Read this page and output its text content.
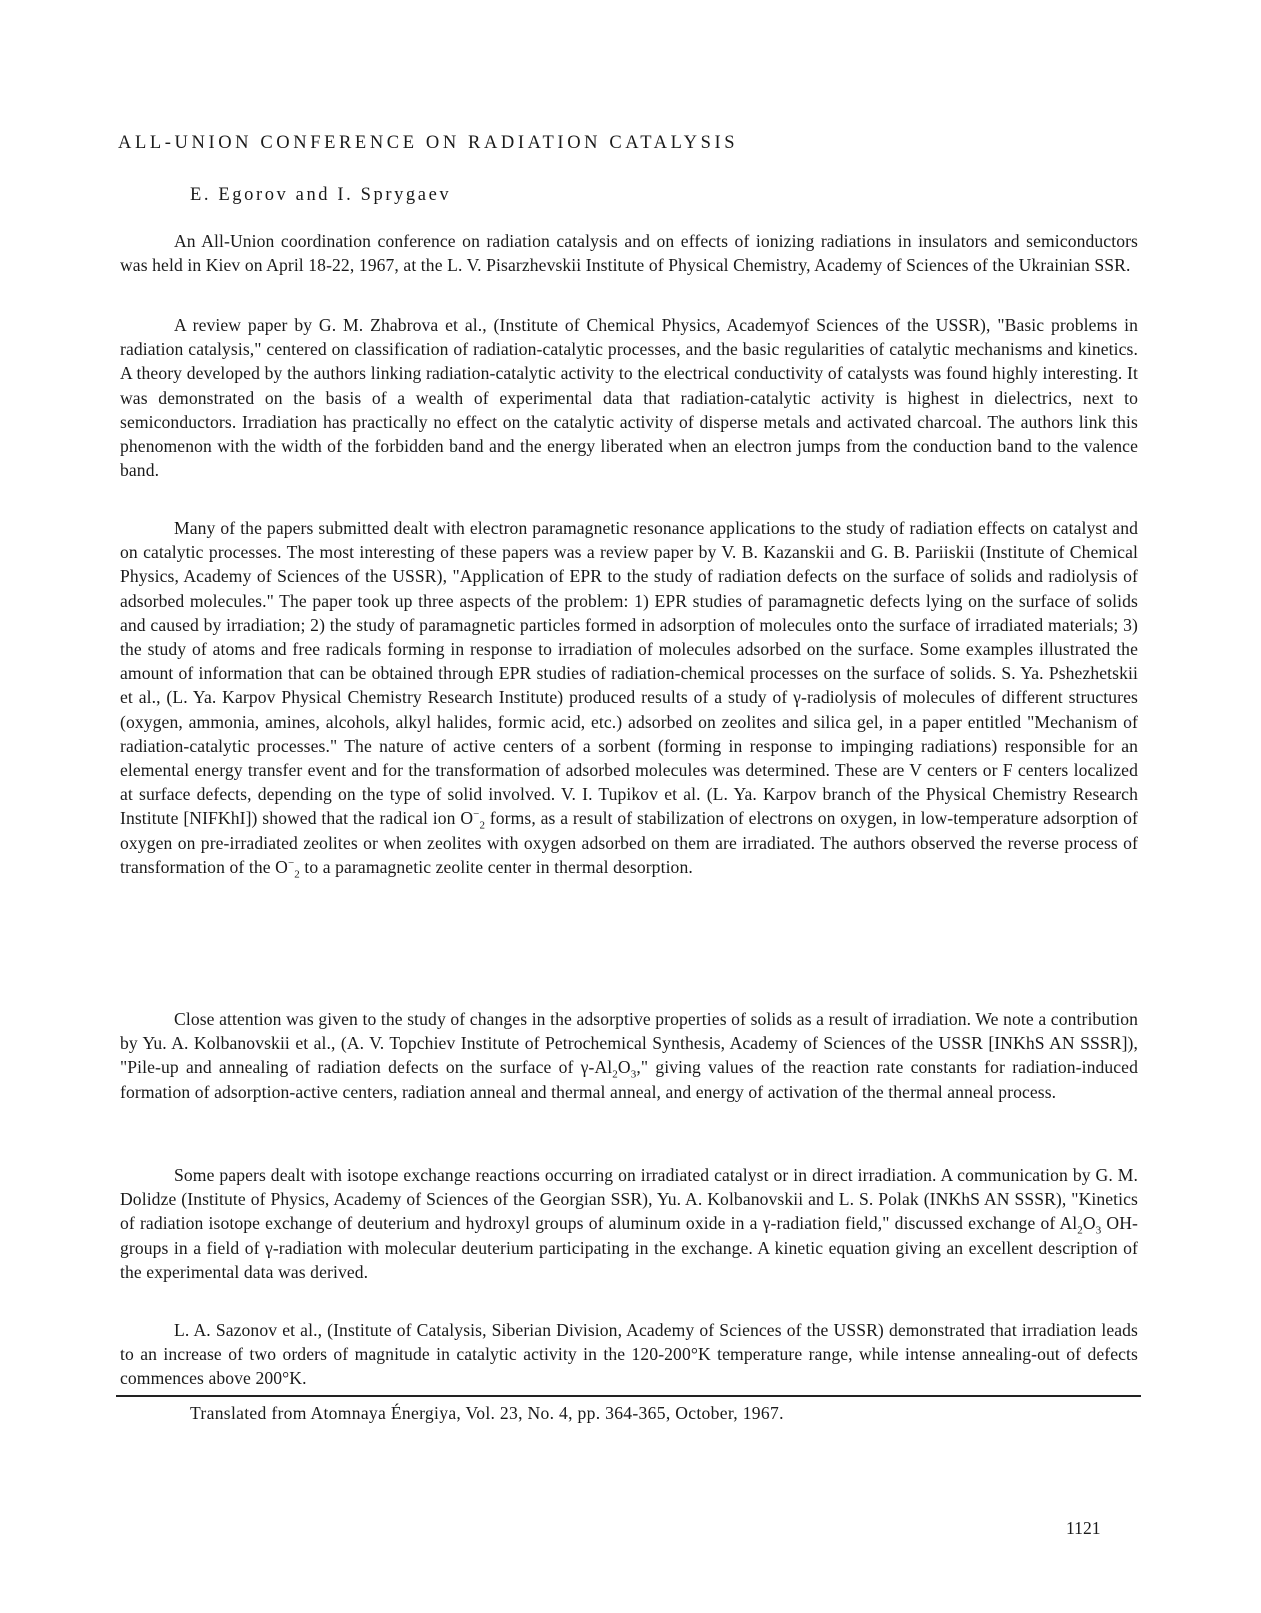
ALL-UNION CONFERENCE ON RADIATION CATALYSIS
E. Egorov and I. Sprygaev

An All-Union coordination conference on radiation catalysis and on effects of ionizing radiations in insulators and semiconductors was held in Kiev on April 18-22, 1967, at the L. V. Pisarzhevskii Institute of Physical Chemistry, Academy of Sciences of the Ukrainian SSR.

A review paper by G. M. Zhabrova et al., (Institute of Chemical Physics, Academyof Sciences of the USSR), "Basic problems in radiation catalysis," centered on classification of radiation-catalytic processes, and the basic regularities of catalytic mechanisms and kinetics. A theory developed by the authors linking radiation-catalytic activity to the electrical conductivity of catalysts was found highly interesting. It was demonstrated on the basis of a wealth of experimental data that radiation-catalytic activity is highest in dielectrics, next to semiconductors. Irradiation has practically no effect on the catalytic activity of disperse metals and activated charcoal. The authors link this phenomenon with the width of the forbidden band and the energy liberated when an electron jumps from the conduction band to the valence band.

Many of the papers submitted dealt with electron paramagnetic resonance applications to the study of radiation effects on catalyst and on catalytic processes. The most interesting of these papers was a review paper by V. B. Kazanskii and G. B. Pariiskii (Institute of Chemical Physics, Academy of Sciences of the USSR), "Application of EPR to the study of radiation defects on the surface of solids and radiolysis of adsorbed molecules." The paper took up three aspects of the problem: 1) EPR studies of paramagnetic defects lying on the surface of solids and caused by irradiation; 2) the study of paramagnetic particles formed in adsorption of molecules onto the surface of irradiated materials; 3) the study of atoms and free radicals forming in response to irradiation of molecules adsorbed on the surface. Some examples illustrated the amount of information that can be obtained through EPR studies of radiation-chemical processes on the surface of solids. S. Ya. Pshezhetskii et al., (L. Ya. Karpov Physical Chemistry Research Institute) produced results of a study of γ-radiolysis of molecules of different structures (oxygen, ammonia, amines, alcohols, alkyl halides, formic acid, etc.) adsorbed on zeolites and silica gel, in a paper entitled "Mechanism of radiation-catalytic processes." The nature of active centers of a sorbent (forming in response to impinging radiations) responsible for an elemental energy transfer event and for the transformation of adsorbed molecules was determined. These are V centers or F centers localized at surface defects, depending on the type of solid involved. V. I. Tupikov et al. (L. Ya. Karpov branch of the Physical Chemistry Research Institute [NIFKhI]) showed that the radical ion $O^-_2$ forms, as a result of stabilization of electrons on oxygen, in low-temperature adsorption of oxygen on pre-irradiated zeolites or when zeolites with oxygen adsorbed on them are irradiated. The authors observed the reverse process of transformation of the $O^-_2$ to a paramagnetic zeolite center in thermal desorption.

Close attention was given to the study of changes in the adsorptive properties of solids as a result of irradiation. We note a contribution by Yu. A. Kolbanovskii et al., (A. V. Topchiev Institute of Petrochemical Synthesis, Academy of Sciences of the USSR [INKhS AN SSSR]), "Pile-up and annealing of radiation defects on the surface of $\gamma-Al_2O_3$," giving values of the reaction rate constants for radiation-induced formation of adsorption-active centers, radiation anneal and thermal anneal, and energy of activation of the thermal anneal process.

Some papers dealt with isotope exchange reactions occurring on irradiated catalyst or in direct irradiation. A communication by G. M. Dolidze (Institute of Physics, Academy of Sciences of the Georgian SSR), Yu. A. Kolbanovskii and L. S. Polak (INKhS AN SSSR), "Kinetics of radiation isotope exchange of deuterium and hydroxyl groups of aluminum oxide in a γ-radiation field," discussed exchange of $Al_2O_3$ OH-groups in a field of γ-radiation with molecular deuterium participating in the exchange. A kinetic equation giving an excellent description of the experimental data was derived.

L. A. Sazonov et al., (Institute of Catalysis, Siberian Division, Academy of Sciences of the USSR) demonstrated that irradiation leads to an increase of two orders of magnitude in catalytic activity in the 120-200°K temperature range, while intense annealing-out of defects commences above 200°K.

Translated from Atomnaya Énergiya, Vol. 23, No. 4, pp. 364-365, October, 1967.
1121
